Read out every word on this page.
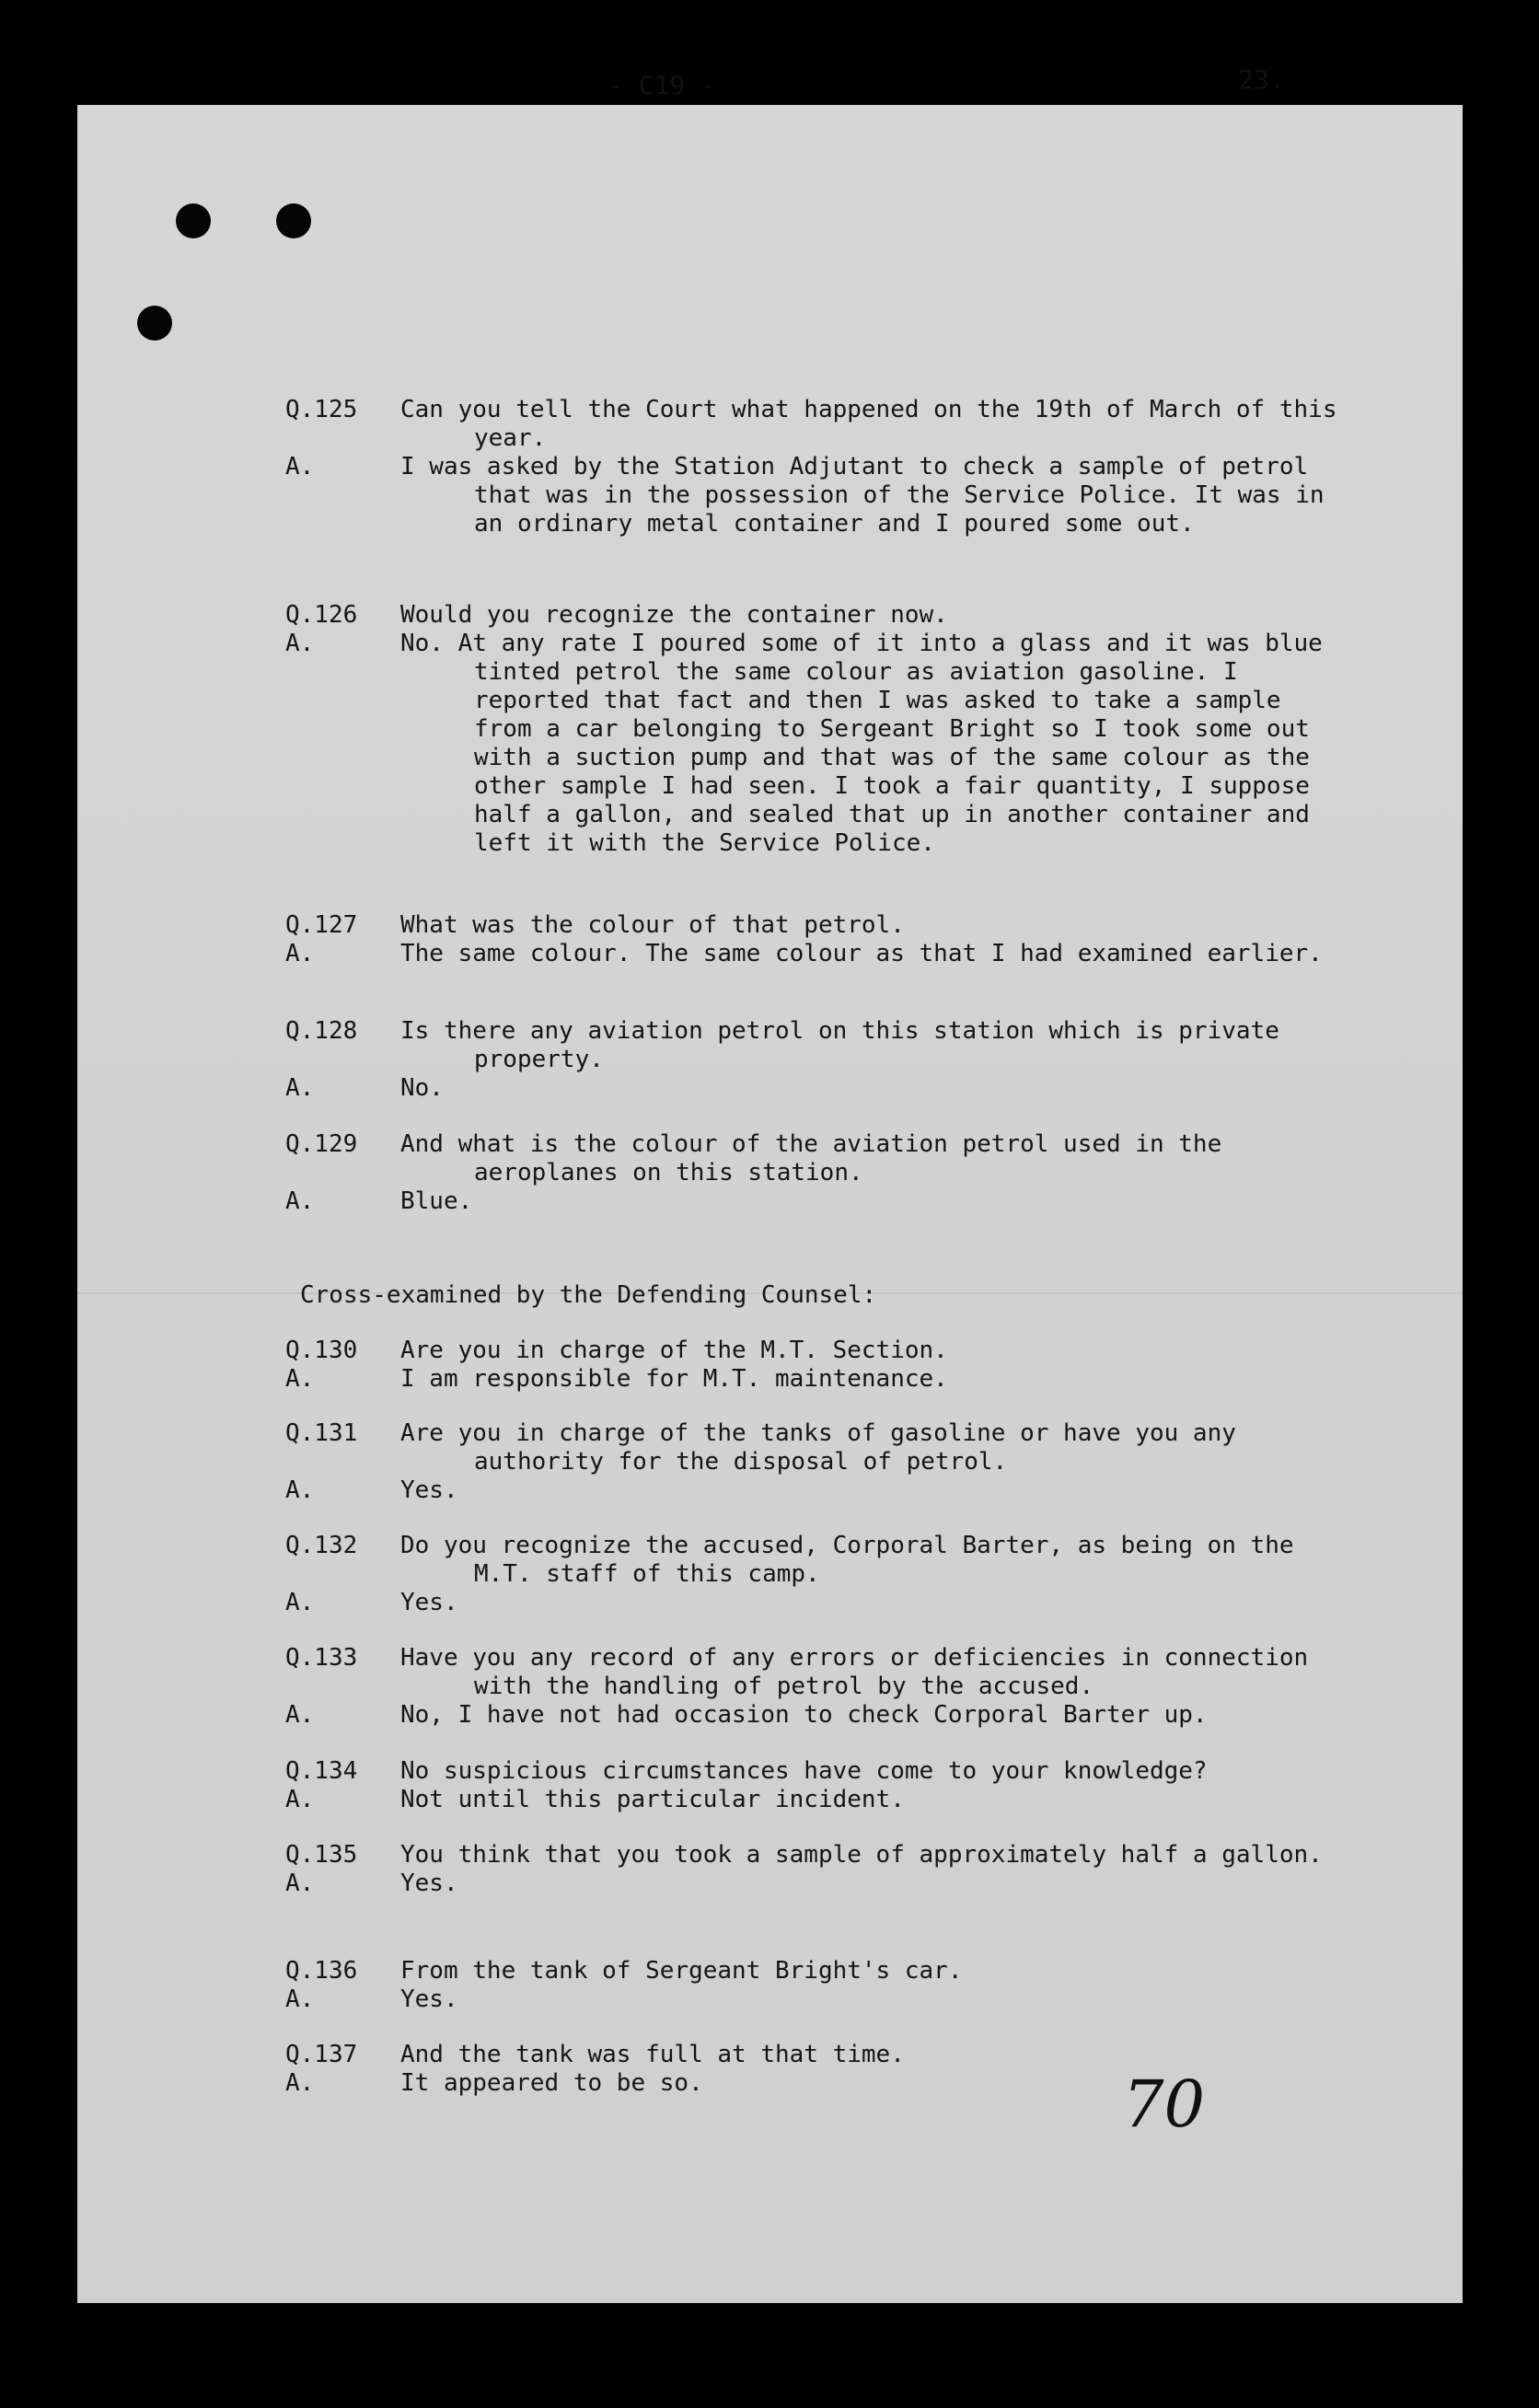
- C19 -	23.
Q.125	Can you tell the Court what happened on the 19th of March of this year.
A.	I was asked by the Station Adjutant to check a sample of petrol that was in the possession of the Service Police. It was in an ordinary metal container and I poured some out.
Q.126	Would you recognize the container now.
A.	No. At any rate I poured some of it into a glass and it was blue tinted petrol the same colour as aviation gasoline. I reported that fact and then I was asked to take a sample from a car belonging to Sergeant Bright so I took some out with a suction pump and that was of the same colour as the other sample I had seen. I took a fair quantity, I suppose half a gallon, and sealed that up in another container and left it with the Service Police.
Q.127	What was the colour of that petrol.
A.	The same colour. The same colour as that I had examined earlier.
Q.128	Is there any aviation petrol on this station which is private property.
A.	No.
Q.129	And what is the colour of the aviation petrol used in the aeroplanes on this station.
A.	Blue.
Cross-examined by the Defending Counsel:
Q.130	Are you in charge of the M.T. Section.
A.	I am responsible for M.T. maintenance.
Q.131	Are you in charge of the tanks of gasoline or have you any authority for the disposal of petrol.
A.	Yes.
Q.132	Do you recognize the accused, Corporal Barter, as being on the M.T. staff of this camp.
A.	Yes.
Q.133	Have you any record of any errors or deficiencies in connection with the handling of petrol by the accused.
A.	No, I have not had occasion to check Corporal Barter up.
Q.134	No suspicious circumstances have come to your knowledge?
A.	Not until this particular incident.
Q.135	You think that you took a sample of approximately half a gallon.
A.	Yes.
Q.136	From the tank of Sergeant Bright's car.
A.	Yes.
Q.137	And the tank was full at that time.
A.	It appeared to be so.	70
